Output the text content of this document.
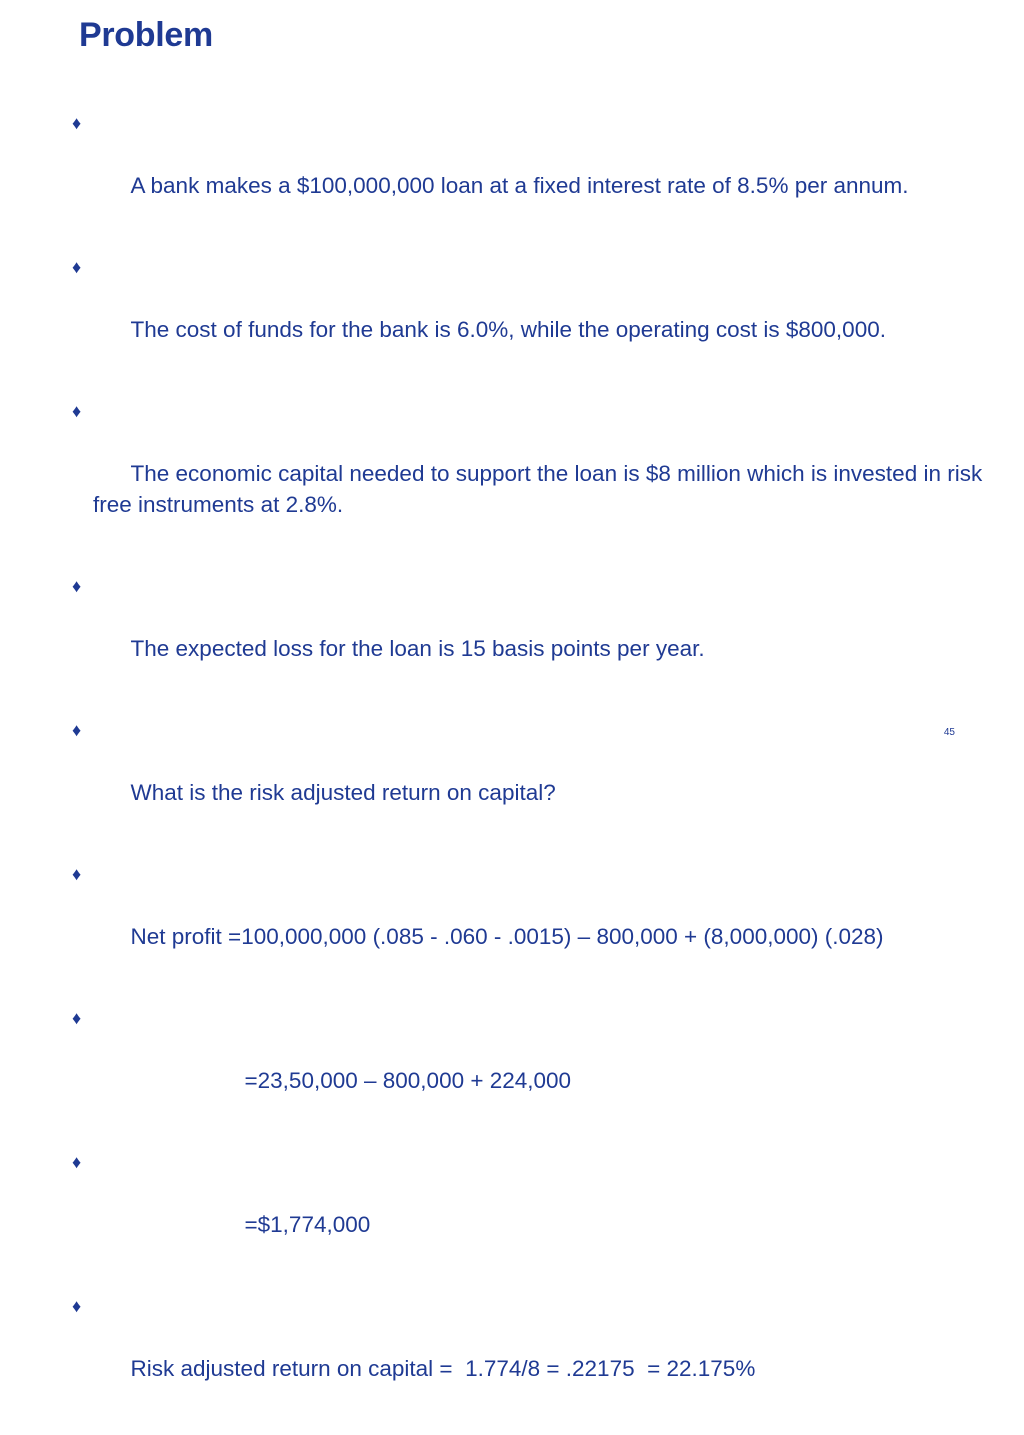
Problem

♦

A bank makes a $100,000,000 loan at a fixed interest rate of 8.5% per annum.

♦

The cost of funds for the bank is 6.0%, while the operating cost is $800,000.

♦

The economic capital needed to support the loan is $8 million which is invested in risk free instruments at 2.8%.

♦

The expected loss for the loan is 15 basis points per year.

♦

What is the risk adjusted return on capital?

♦

Net profit =100,000,000 (.085 - .060 - .0015) – 800,000 + (8,000,000) (.028)

♦

=23,50,000 – 800,000 + 224,000

♦

=$1,774,000

♦

Risk adjusted return on capital =  1.774/8 = .22175  = 22.175%

45
